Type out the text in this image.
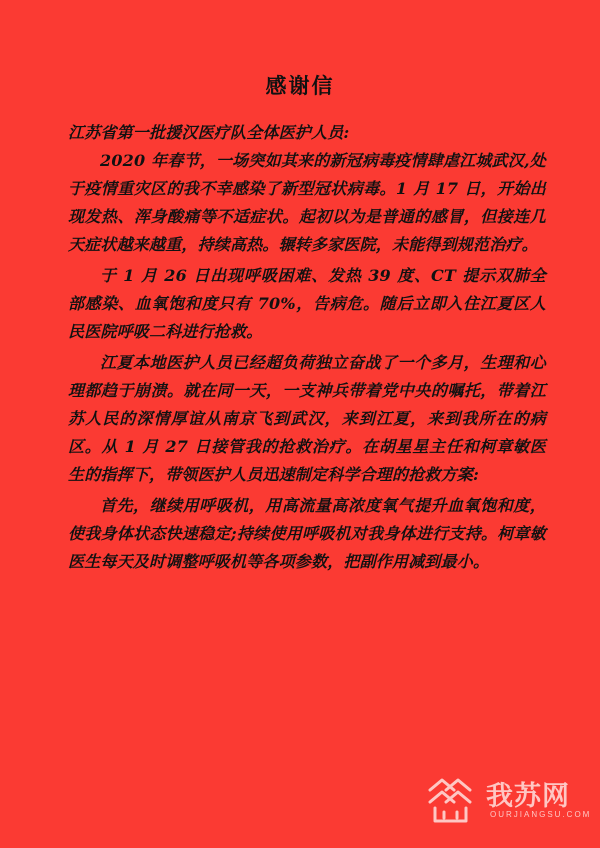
感谢信

江苏省第一批援汉医疗队全体医护人员:

2020 年春节，一场突如其来的新冠病毒疫情肆虐江城武汉,处于疫情重灾区的我不幸感染了新型冠状病毒。1 月 17 日，开始出现发热、浑身酸痛等不适症状。起初以为是普通的感冒，但接连几天症状越来越重，持续高热。辗转多家医院，未能得到规范治疗。

于 1 月 26 日出现呼吸困难、发热 39 度、CT 提示双肺全部感染、血氧饱和度只有 70%，告病危。随后立即入住江夏区人民医院呼吸二科进行抢救。

江夏本地医护人员已经超负荷独立奋战了一个多月，生理和心理都趋于崩溃。就在同一天，一支神兵带着党中央的嘱托，带着江苏人民的深情厚谊从南京飞到武汉，来到江夏，来到我所在的病区。从 1 月 27 日接管我的抢救治疗。在胡星星主任和柯章敏医生的指挥下，带领医护人员迅速制定科学合理的抢救方案:

首先，继续用呼吸机，用高流量高浓度氧气提升血氧饱和度，使我身体状态快速稳定;持续使用呼吸机对我身体进行支持。柯章敏医生每天及时调整呼吸机等各项参数，把副作用减到最小。

我苏网
OURJIANGSU.COM
